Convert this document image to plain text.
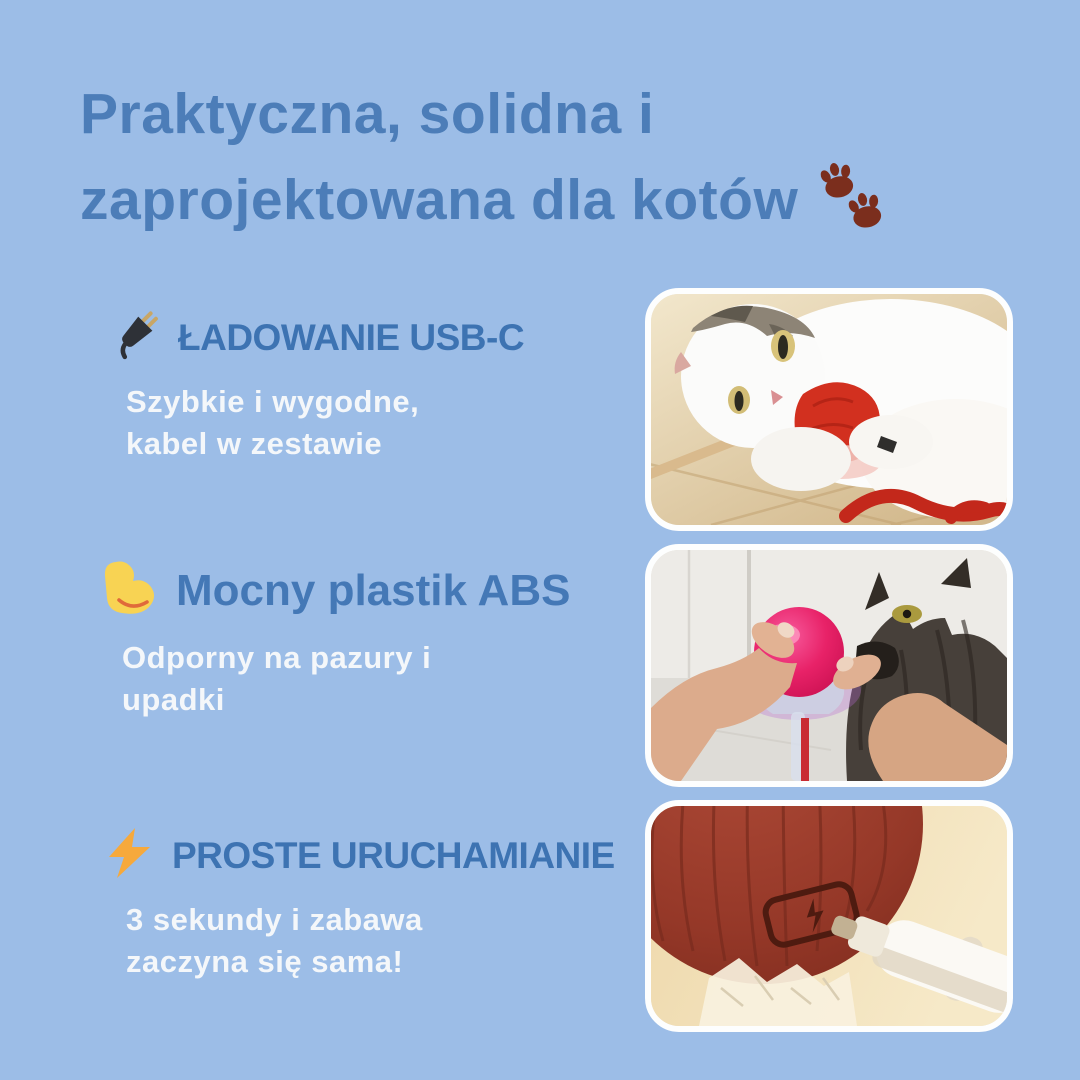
Praktyczna, solidna i
zaprojektowana dla kotów
ŁADOWANIE USB-C
Szybkie i wygodne,
kabel w zestawie
Mocny plastik ABS
Odporny na pazury i
upadki
PROSTE URUCHAMIANIE
3 sekundy i zabawa
zaczyna się sama!
